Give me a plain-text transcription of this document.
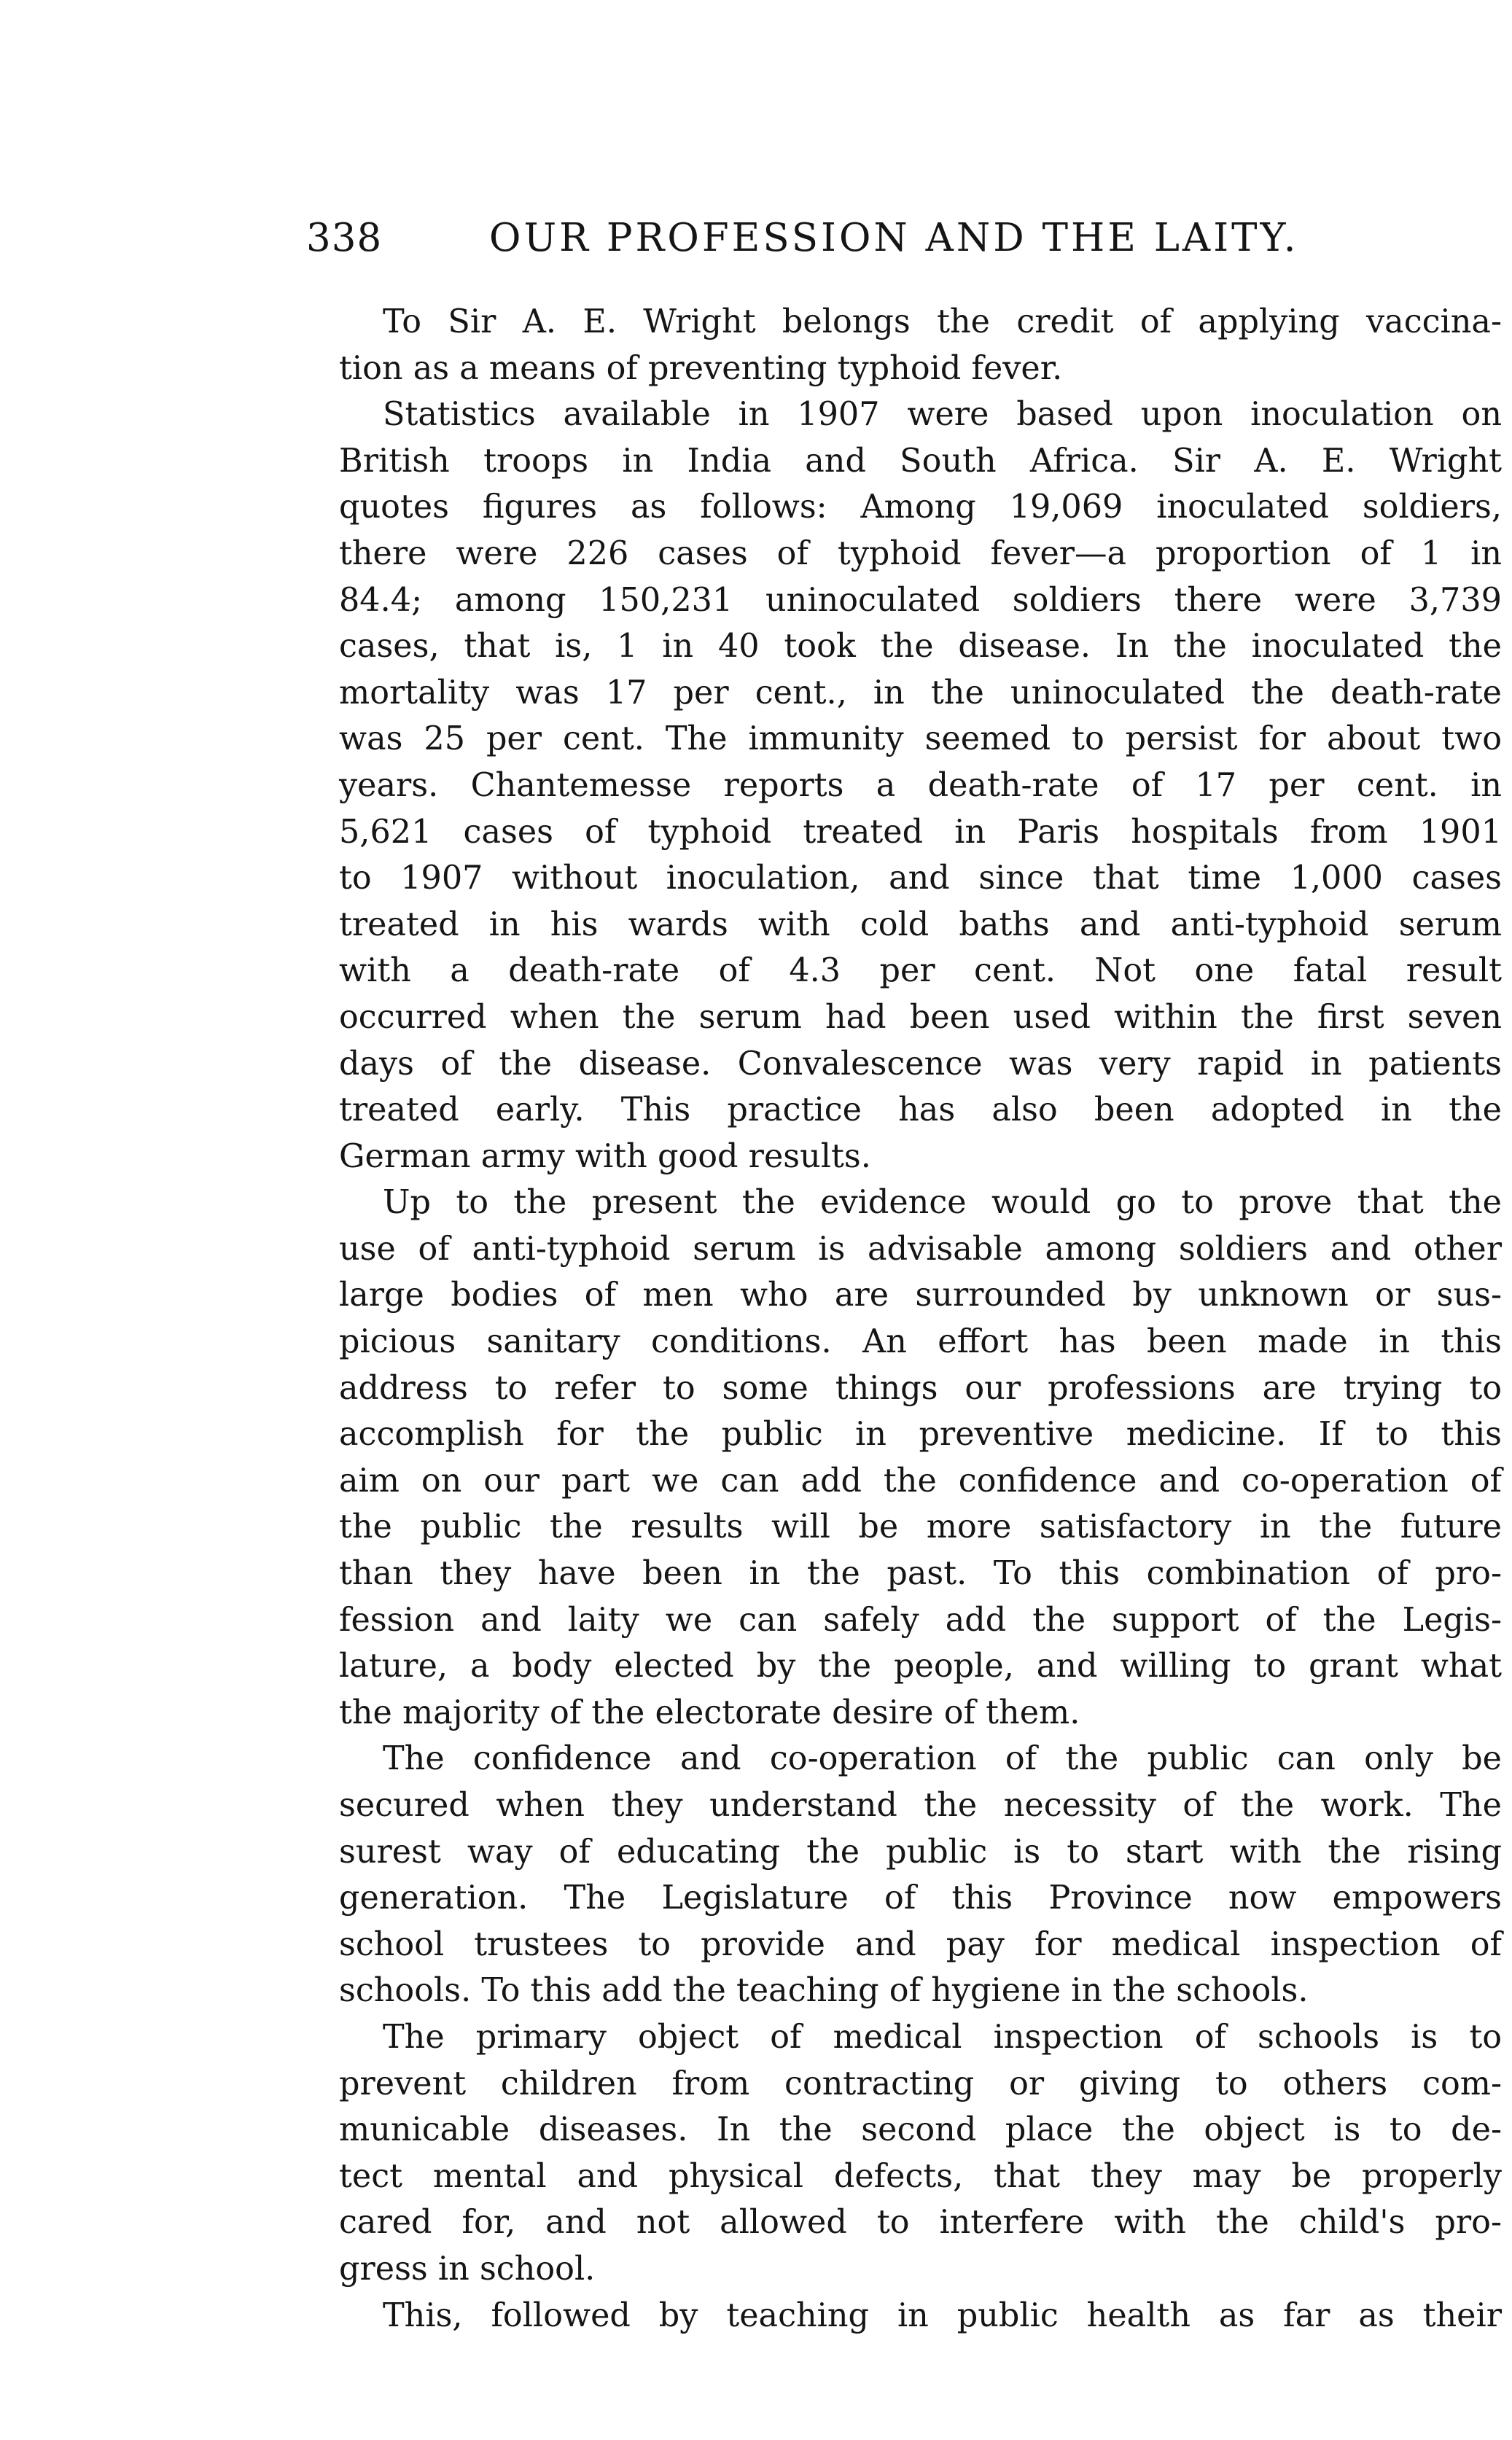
338	OUR PROFESSION AND THE LAITY.
To Sir A. E. Wright belongs the credit of applying vaccina-
tion as a means of preventing typhoid fever.
Statistics available in 1907 were based upon inoculation on
British troops in India and South Africa. Sir A. E. Wright
quotes figures as follows: Among 19,069 inoculated soldiers,
there were 226 cases of typhoid fever—a proportion of 1 in
84.4; among 150,231 uninoculated soldiers there were 3,739
cases, that is, 1 in 40 took the disease. In the inoculated the
mortality was 17 per cent., in the uninoculated the death-rate
was 25 per cent. The immunity seemed to persist for about two
years. Chantemesse reports a death-rate of 17 per cent. in
5,621 cases of typhoid treated in Paris hospitals from 1901
to 1907 without inoculation, and since that time 1,000 cases
treated in his wards with cold baths and anti-typhoid serum
with a death-rate of 4.3 per cent. Not one fatal result
occurred when the serum had been used within the first seven
days of the disease. Convalescence was very rapid in patients
treated early. This practice has also been adopted in the
German army with good results.
Up to the present the evidence would go to prove that the
use of anti-typhoid serum is advisable among soldiers and other
large bodies of men who are surrounded by unknown or sus-
picious sanitary conditions. An effort has been made in this
address to refer to some things our professions are trying to
accomplish for the public in preventive medicine. If to this
aim on our part we can add the confidence and co-operation of
the public the results will be more satisfactory in the future
than they have been in the past. To this combination of pro-
fession and laity we can safely add the support of the Legis-
lature, a body elected by the people, and willing to grant what
the majority of the electorate desire of them.
The confidence and co-operation of the public can only be
secured when they understand the necessity of the work. The
surest way of educating the public is to start with the rising
generation. The Legislature of this Province now empowers
school trustees to provide and pay for medical inspection of
schools. To this add the teaching of hygiene in the schools.
The primary object of medical inspection of schools is to
prevent children from contracting or giving to others com-
municable diseases. In the second place the object is to de-
tect mental and physical defects, that they may be properly
cared for, and not allowed to interfere with the child's pro-
gress in school.
This, followed by teaching in public health as far as their
